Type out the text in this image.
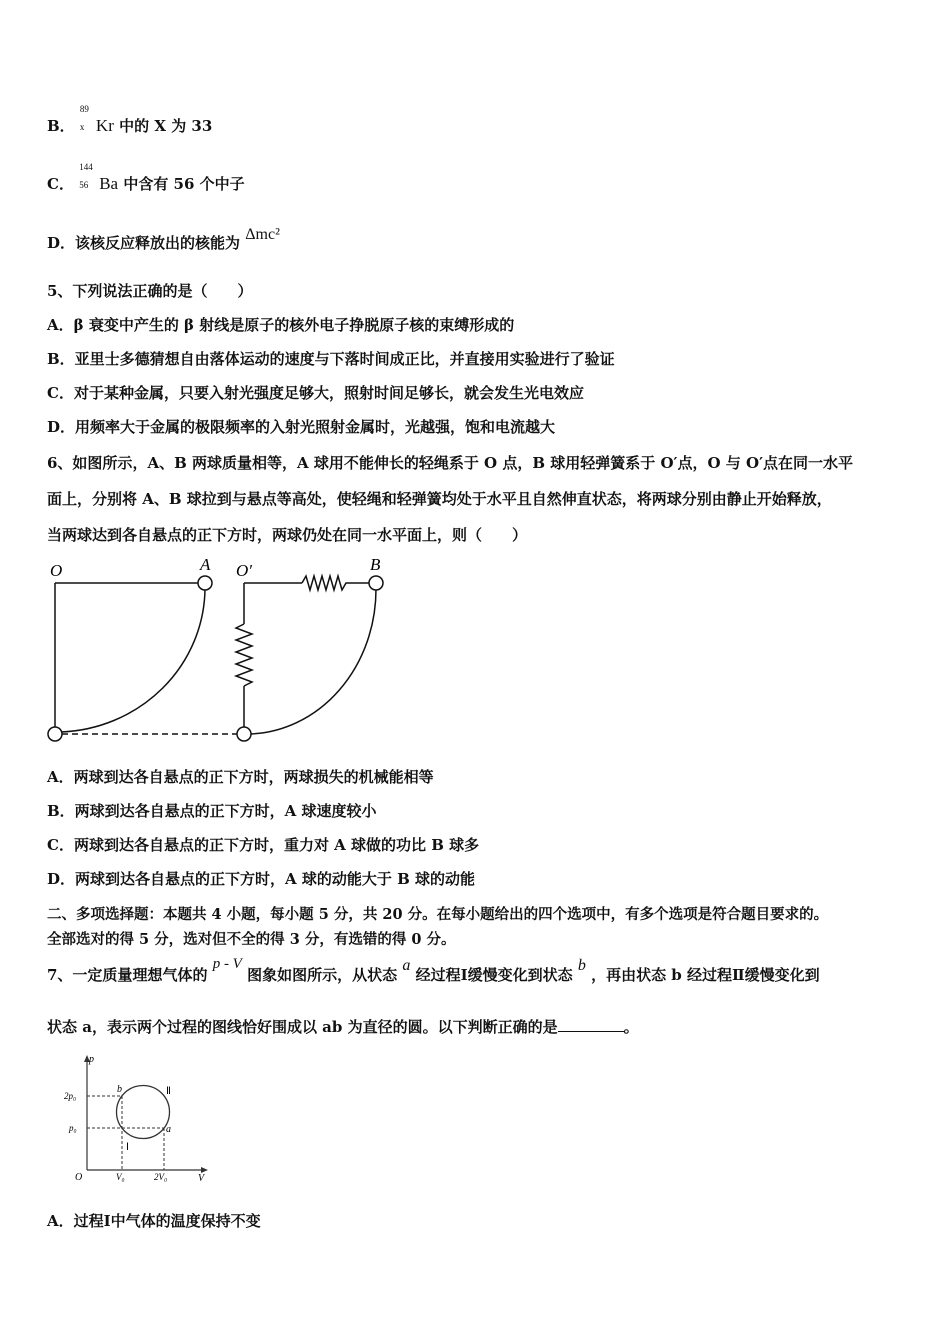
B．
89
x Kr 中的 X 为 33
C．
144
56 Ba 中含有 56 个中子
D．该核反应释放出的核能为 Δmc²
5、下列说法正确的是（　　）
A．β 衰变中产生的 β 射线是原子的核外电子挣脱原子核的束缚形成的
B．亚里士多德猜想自由落体运动的速度与下落时间成正比，并直接用实验进行了验证
C．对于某种金属，只要入射光强度足够大，照射时间足够长，就会发生光电效应
D．用频率大于金属的极限频率的入射光照射金属时，光越强，饱和电流越大
6、如图所示，A、B 两球质量相等，A 球用不能伸长的轻绳系于 O 点，B 球用轻弹簧系于 O′点，O 与 O′点在同一水平
面上，分别将 A、B 球拉到与悬点等高处，使轻绳和轻弹簧均处于水平且自然伸直状态，将两球分别由静止开始释放，
当两球达到各自悬点的正下方时，两球仍处在同一水平面上，则（　　）
O	A O′	B
A．两球到达各自悬点的正下方时，两球损失的机械能相等
B．两球到达各自悬点的正下方时，A 球速度较小
C．两球到达各自悬点的正下方时，重力对 A 球做的功比 B 球多
D．两球到达各自悬点的正下方时，A 球的动能大于 B 球的动能
二、多项选择题：本题共 4 小题，每小题 5 分，共 20 分。在每小题给出的四个选项中，有多个选项是符合题目要求的。
全部选对的得 5 分，选对但不全的得 3 分，有选错的得 0 分。
7、一定质量理想气体的 p - V 图象如图所示，从状态 a 经过程Ⅰ缓慢变化到状态 b ，再由状态 b 经过程Ⅱ缓慢变化到
状态 a，表示两个过程的图线恰好围成以 ab 为直径的圆。以下判断正确的是	。
p
V
O
b
a
Ⅱ
Ⅰ
2p₀
p₀
V₀	2V₀
A．过程Ⅰ中气体的温度保持不变
